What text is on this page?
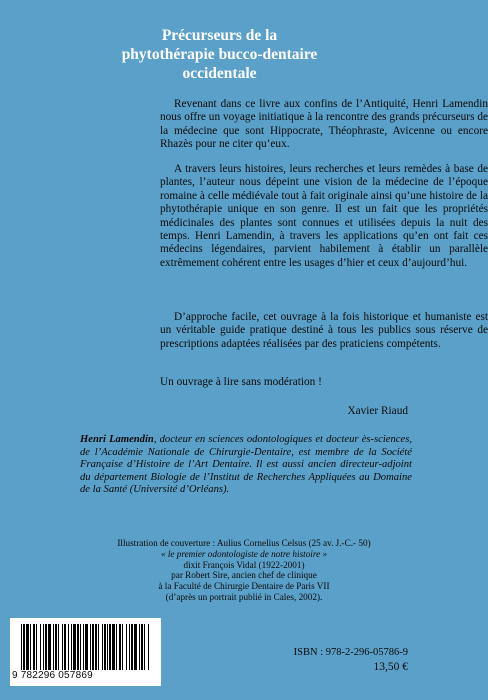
Précurseurs de la
phytothérapie bucco-dentaire
occidentale

Revenant dans ce livre aux confins de l’Antiquité, Henri Lamendin nous offre un voyage initiatique à la rencontre des grands précurseurs de la médecine que sont Hippocrate, Théophraste, Avicenne ou encore Rhazès pour ne citer qu’eux.

A travers leurs histoires, leurs recherches et leurs remèdes à base de plantes, l’auteur nous dépeint une vision de la médecine de l’époque romaine à celle médiévale tout à fait originale ainsi qu’une histoire de la phytothérapie unique en son genre. Il est un fait que les propriétés médicinales des plantes sont connues et utilisées depuis la nuit des temps. Henri Lamendin, à travers les applications qu’en ont fait ces médecins légendaires, parvient habilement à établir un parallèle extrêmement cohérent entre les usages d’hier et ceux d’aujourd’hui.

D’approche facile, cet ouvrage à la fois historique et humaniste est un véritable guide pratique destiné à tous les publics sous réserve de prescriptions adaptées réalisées par des praticiens compétents.

Un ouvrage à lire sans modération !

Xavier Riaud
Henri Lamendin, docteur en sciences odontologiques et docteur ès-sciences, de l’Académie Nationale de Chirurgie-Dentaire, est membre de la Société Française d’Histoire de l’Art Dentaire. Il est aussi ancien directeur-adjoint du département Biologie de l’Institut de Recherches Appliquées au Domaine de la Santé (Université d’Orléans).
Illustration de couverture : Aulius Cornelius Celsus (25 av. J.-C.- 50)
« le premier odontologiste de notre histoire »
dixit François Vidal (1922-2001)
par Robert Sire, ancien chef de clinique
à la Faculté de Chirurgie Dentaire de Paris VII
(d’après un portrait publié in Cales, 2002).
9 782296 057869
ISBN : 978-2-296-05786-9
13,50 €
